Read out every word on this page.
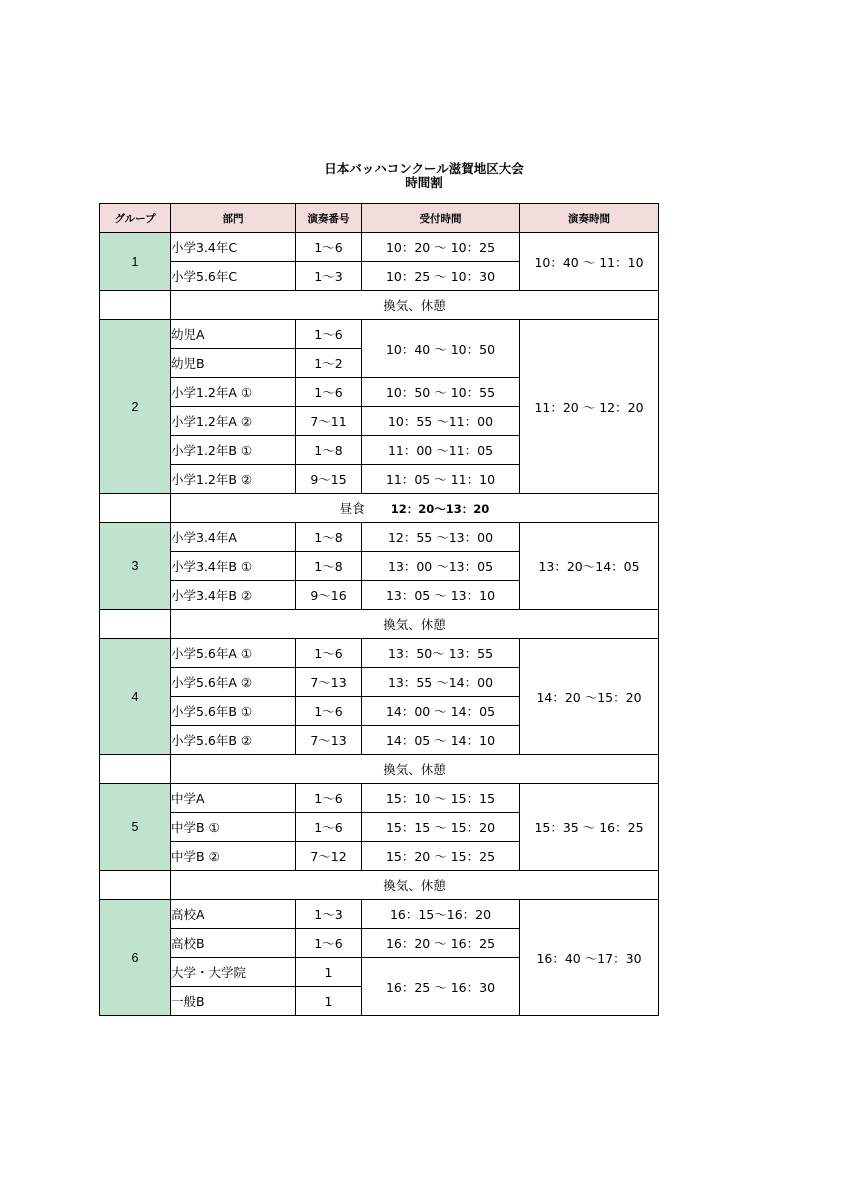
日本バッハコンクール滋賀地区大会
時間割
グループ	部門	演奏番号	受付時間	演奏時間
1	小学3.4年C	1〜6	10：20 〜 10：25	10：40 〜 11：10
	小学5.6年C	1〜3	10：25 〜 10：30	
	換気、休憩			
2	幼児A	1〜6	10：40 〜 10：50	11：20 〜 12：20
	幼児B	1〜2		
	小学1.2年A ①	1〜6	10：50 〜 10：55	
	小学1.2年A ②	7〜11	10：55 〜11：00	
	小学1.2年B ①	1〜8	11：00 〜11：05	
	小学1.2年B ②	9〜15	11：05 〜 11：10	
	昼食 12：20〜13：20			
3	小学3.4年A	1〜8	12：55 〜13：00	13：20〜14：05
	小学3.4年B ①	1〜8	13：00 〜13：05	
	小学3.4年B ②	9〜16	13：05 〜 13：10	
	換気、休憩			
4	小学5.6年A ①	1〜6	13：50〜 13：55	14：20 〜15：20
	小学5.6年A ②	7〜13	13：55 〜14：00	
	小学5.6年B ①	1〜6	14：00 〜 14：05	
	小学5.6年B ②	7〜13	14：05 〜 14：10	
	換気、休憩			
5	中学A	1〜6	15：10 〜 15：15	15：35 〜 16：25
	中学B ①	1〜6	15：15 〜 15：20	
	中学B ②	7〜12	15：20 〜 15：25	
	換気、休憩			
6	高校A	1〜3	16：15〜16：20	16：40 〜17：30
	高校B	1〜6	16：20 〜 16：25	
	大学・大学院	1	16：25 〜 16：30	
	一般B	1		
